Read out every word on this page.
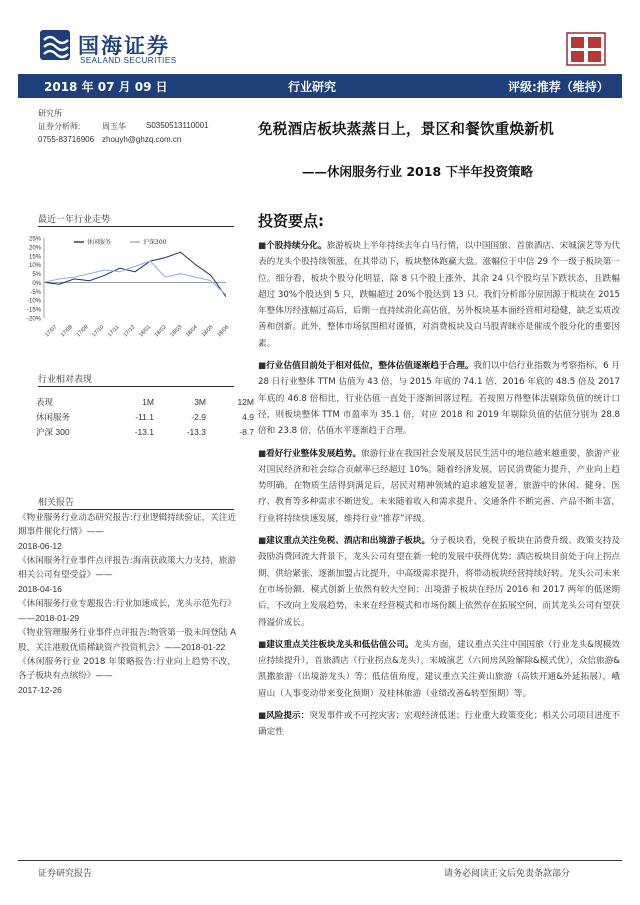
国海证券
SEALAND SECURITIES
2018 年 07 月 09 日	行业研究	评级:推荐（维持）
研究所
证券分析师:	周玉华	S0350513110001
0755-83716906 zhouyh@ghzq.com.cn
免税酒店板块蒸蒸日上，景区和餐饮重焕新机
——休闲服务行业 2018 下半年投资策略
最近一年行业走势
25%
20%
15%
10%
5%
0%
-5%
-10%
-15%
-20%
17/07 17/08 17/09 17/10 17/11 17/12 18/01 18/02 18/03 18/04 18/05 18/06
休闲服务	沪深300
行业相对表现
表现	1M	3M	12M
休闲服务	-11.1	-2.9	4.9
沪深 300	-13.1	-13.3	-8.7
相关报告
《物业服务行业动态研究报告:行业逻辑持续验证，关注近期事件催化行情》——
2018-06-12
《休闲服务行业事件点评报告:海南获政策大力支持，旅游相关公司有望受益》——
2018-04-16
《休闲服务行业专题报告:行业加速成长，龙头示范先行》——2018-01-29
《物业管理服务行业事件点评报告:物管第一股未间登陆 A 股，关注港股优质稀缺资产投资机会》——2018-01-22
《休闲服务行业 2018 年策略报告:行业向上趋势不改，各子板块有点缤纷》——
2017-12-26
投资要点:

■个股持续分化。旅游板块上半年持续去年白马行情，以中国国旅、首旅酒店、宋城演艺等为代表的龙头个股持续领涨，在其带动下，板块整体跑赢大盘。涨幅位于中信 29 个一级子板块第一位。细分看，板块个股分化明显，除 8 只个股上涨外，其余 24 只个股均呈下跌状态，且跌幅超过 30%个股达到 5 只，跌幅超过 20%个股达到 13 只。我们分析部分原因源于板块在 2015 年整体历经涨幅过高后，后期一直持续消化高估值，另外板块基本面经营相对稳健，缺乏实质改善和创新。此外，整体市场氛围相对谨慎，对消费板块及白马股青睐亦是催成个股分化的重要因素。

■行业估值目前处于相对低位，整体估值逐渐趋于合理。我们以中信行业指数为考察指标，6 月 28 日行业整体 TTM 估值为 43 倍，与 2015 年底的 74.1 倍、2016 年底的 48.5 倍及 2017 年底的 46.8 倍相比，行业估值一直处于逐渐回落过程。若按照万得整体法剔除负值的统计口径，则板块整体 TTM 市盈率为 35.1 倍，对应 2018 和 2019 年剔除负值的估值分别为 28.8 倍和 23.8 倍，估值水平逐渐趋于合理。

■看好行业整体发展趋势。旅游行业在我国社会发展及居民生活中的地位越来越重要，旅游产业对国民经济和社会综合贡献率已经超过 10%。随着经济发展，居民消费能力提升，产业向上趋势明确。在物质生活得到满足后，居民对精神领域的追求越发显著，旅游中的休闲、健身、医疗、教育等多种需求不断迸发。未来随着收入和需求提升、交通条件不断完善、产品不断丰富，行业将持续快速发展，维持行业“推荐”评级。

■建议重点关注免税、酒店和出境游子板块。分子板块看，免税子板块在消费升级、政策支持及鼓励消费回流大背景下，龙头公司有望在新一轮的发展中获得优势；酒店板块目前处于向上拐点期，供给紧张、逐渐加盟占比提升，中高级需求提升，将带动板块经营持续好转。龙头公司未来在市场份额、模式创新上依然有较大空间；出境游子板块在经历 2016 和 2017 两年的低迷期后，不改向上发展趋势，未来在经营模式和市场份额上依然存在拓展空间，而其龙头公司有望获得溢价成长。

■建议重点关注板块龙头和低估值公司。龙头方面，建议重点关注中国国旅（行业龙头&规模效应持续提升），首旅酒店（行业拐点&龙头），宋城演艺（六间房风险解除&模式优），众信旅游&凯撒旅游（出境游龙头）等；低估值角度，建议重点关注黄山旅游（高铁开通&外延拓展），峨眉山（人事变动带来变化预期）及桂林旅游（业绩改善&转型预期）等。

■风险提示：突发事件或不可控灾害；宏观经济低迷；行业重大政策变化；相关公司项目进度不确定性

证券研究报告	请务必阅读正文后免责条款部分
